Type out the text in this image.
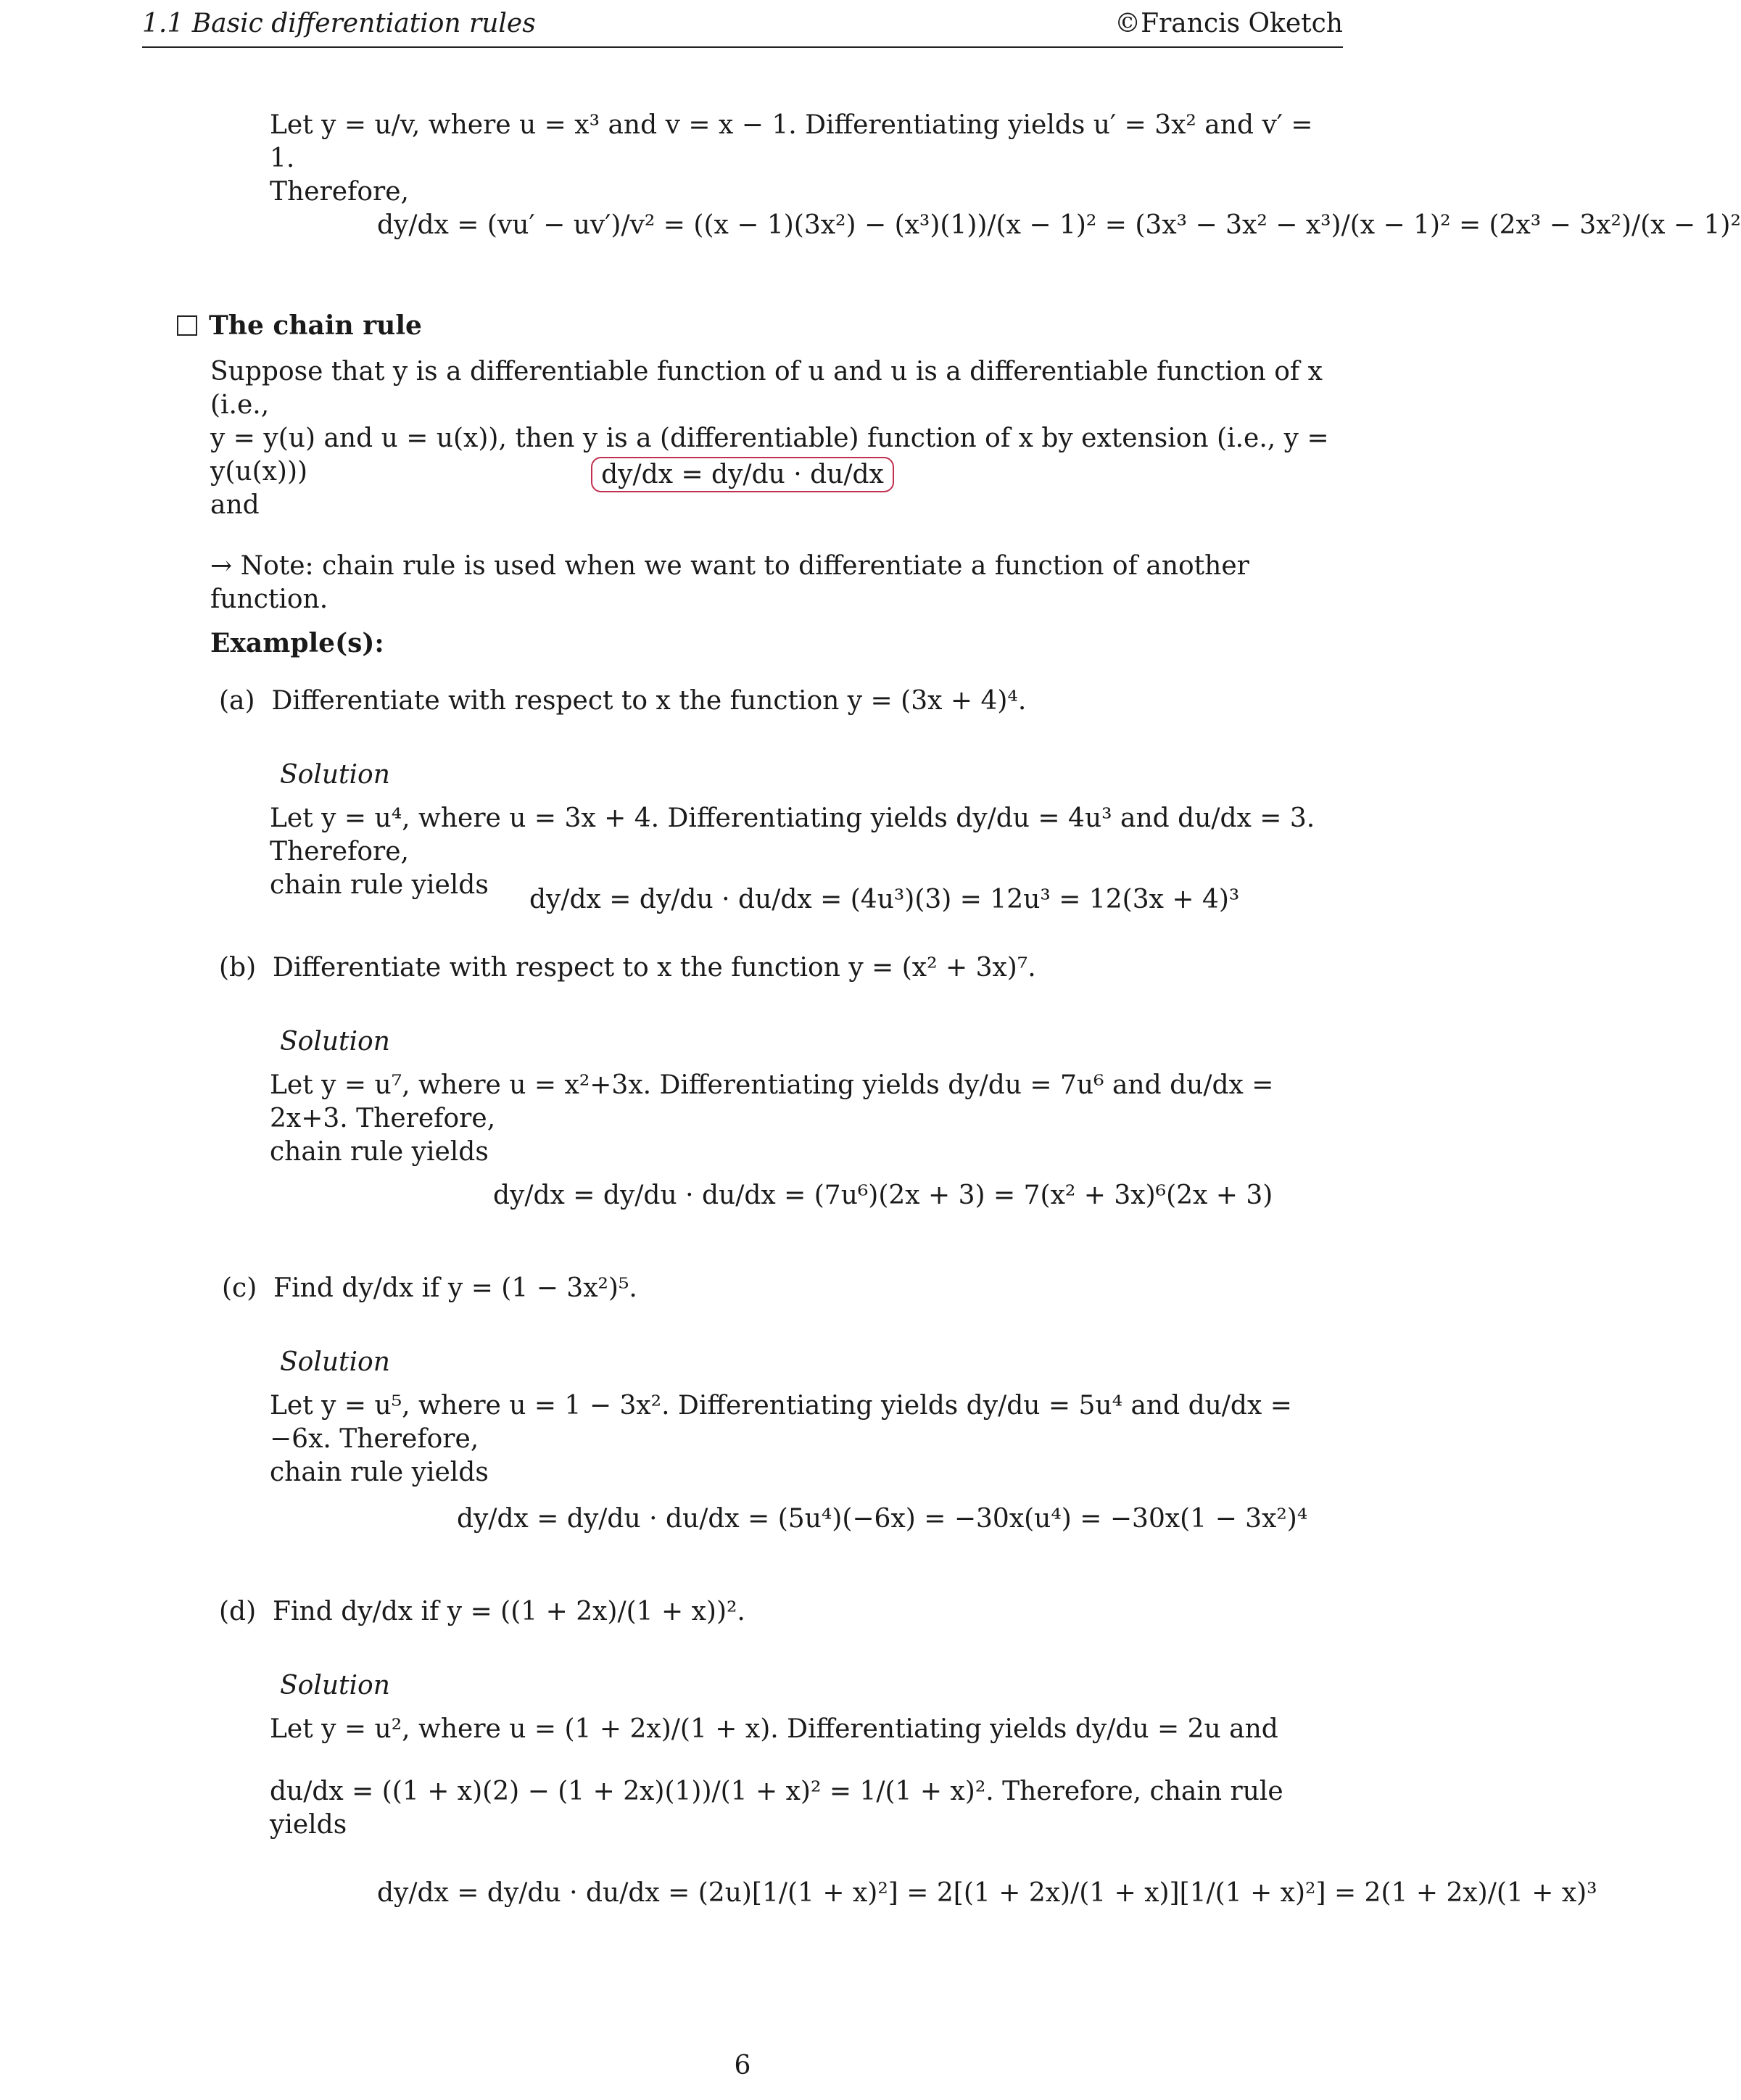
1.1 Basic differentiation rules	©Francis Oketch
Let y = u/v, where u = x³ and v = x − 1. Differentiating yields u′ = 3x² and v′ = 1.
Therefore,
dy/dx = (vu′ − uv′)/v² = ((x − 1)(3x²) − (x³)(1))/(x − 1)² = (3x³ − 3x² − x³)/(x − 1)² = (2x³ − 3x²)/(x − 1)²
The chain rule
Suppose that y is a differentiable function of u and u is a differentiable function of x (i.e.,
y = y(u) and u = u(x)), then y is a (differentiable) function of x by extension (i.e., y = y(u(x)))
and
dy/dx = dy/du · du/dx
→ Note: chain rule is used when we want to differentiate a function of another function.
Example(s):
(a) Differentiate with respect to x the function y = (3x + 4)⁴.
Solution
Let y = u⁴, where u = 3x + 4. Differentiating yields dy/du = 4u³ and du/dx = 3. Therefore,
chain rule yields	dy/dx = dy/du · du/dx = (4u³)(3) = 12u³ = 12(3x + 4)³
(b) Differentiate with respect to x the function y = (x² + 3x)⁷.
Solution
Let y = u⁷, where u = x²+3x. Differentiating yields dy/du = 7u⁶ and du/dx = 2x+3. Therefore,
chain rule yields
dy/dx = dy/du · du/dx = (7u⁶)(2x + 3) = 7(x² + 3x)⁶(2x + 3)
(c) Find dy/dx if y = (1 − 3x²)⁵.
Solution
Let y = u⁵, where u = 1 − 3x². Differentiating yields dy/du = 5u⁴ and du/dx = −6x. Therefore,
chain rule yields
dy/dx = dy/du · du/dx = (5u⁴)(−6x) = −30x(u⁴) = −30x(1 − 3x²)⁴
(d) Find dy/dx if y = ((1 + 2x)/(1 + x))².
Solution
Let y = u², where u = (1 + 2x)/(1 + x). Differentiating yields dy/du = 2u and
du/dx = ((1 + x)(2) − (1 + 2x)(1))/(1 + x)² = 1/(1 + x)². Therefore, chain rule yields
dy/dx = dy/du · du/dx = (2u)[1/(1 + x)²] = 2[(1 + 2x)/(1 + x)][1/(1 + x)²] = 2(1 + 2x)/(1 + x)³
6
